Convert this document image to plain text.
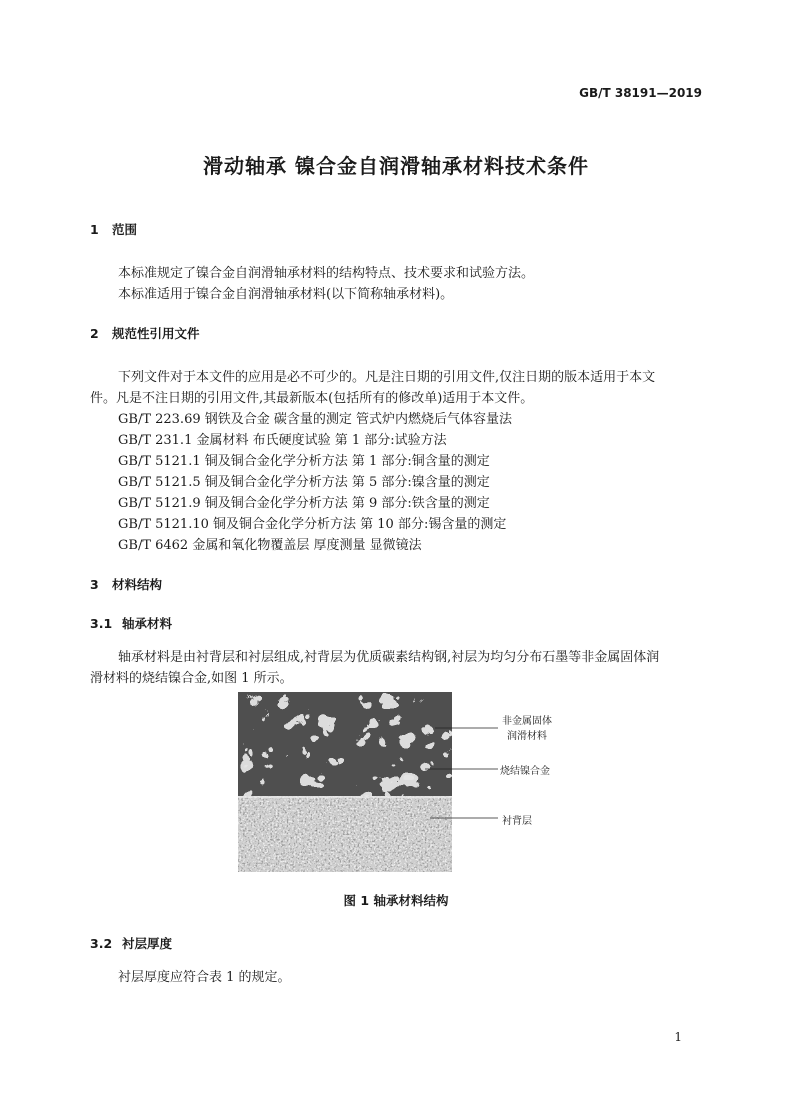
GB/T 38191—2019
滑动轴承 镍合金自润滑轴承材料技术条件
1 范围
本标准规定了镍合金自润滑轴承材料的结构特点、技术要求和试验方法。
本标准适用于镍合金自润滑轴承材料(以下简称轴承材料)。
2 规范性引用文件
下列文件对于本文件的应用是必不可少的。凡是注日期的引用文件,仅注日期的版本适用于本文
件。凡是不注日期的引用文件,其最新版本(包括所有的修改单)适用于本文件。
GB/T 223.69 钢铁及合金 碳含量的测定 管式炉内燃烧后气体容量法
GB/T 231.1 金属材料 布氏硬度试验 第 1 部分:试验方法
GB/T 5121.1 铜及铜合金化学分析方法 第 1 部分:铜含量的测定
GB/T 5121.5 铜及铜合金化学分析方法 第 5 部分:镍含量的测定
GB/T 5121.9 铜及铜合金化学分析方法 第 9 部分:铁含量的测定
GB/T 5121.10 铜及铜合金化学分析方法 第 10 部分:锡含量的测定
GB/T 6462 金属和氧化物覆盖层 厚度测量 显微镜法
3 材料结构
3.1 轴承材料
轴承材料是由衬背层和衬层组成,衬背层为优质碳素结构钢,衬层为均匀分布石墨等非金属固体润
滑材料的烧结镍合金,如图 1 所示。
非金属固体
润滑材料
烧结镍合金
衬背层
图 1 轴承材料结构
3.2 衬层厚度
衬层厚度应符合表 1 的规定。
1
